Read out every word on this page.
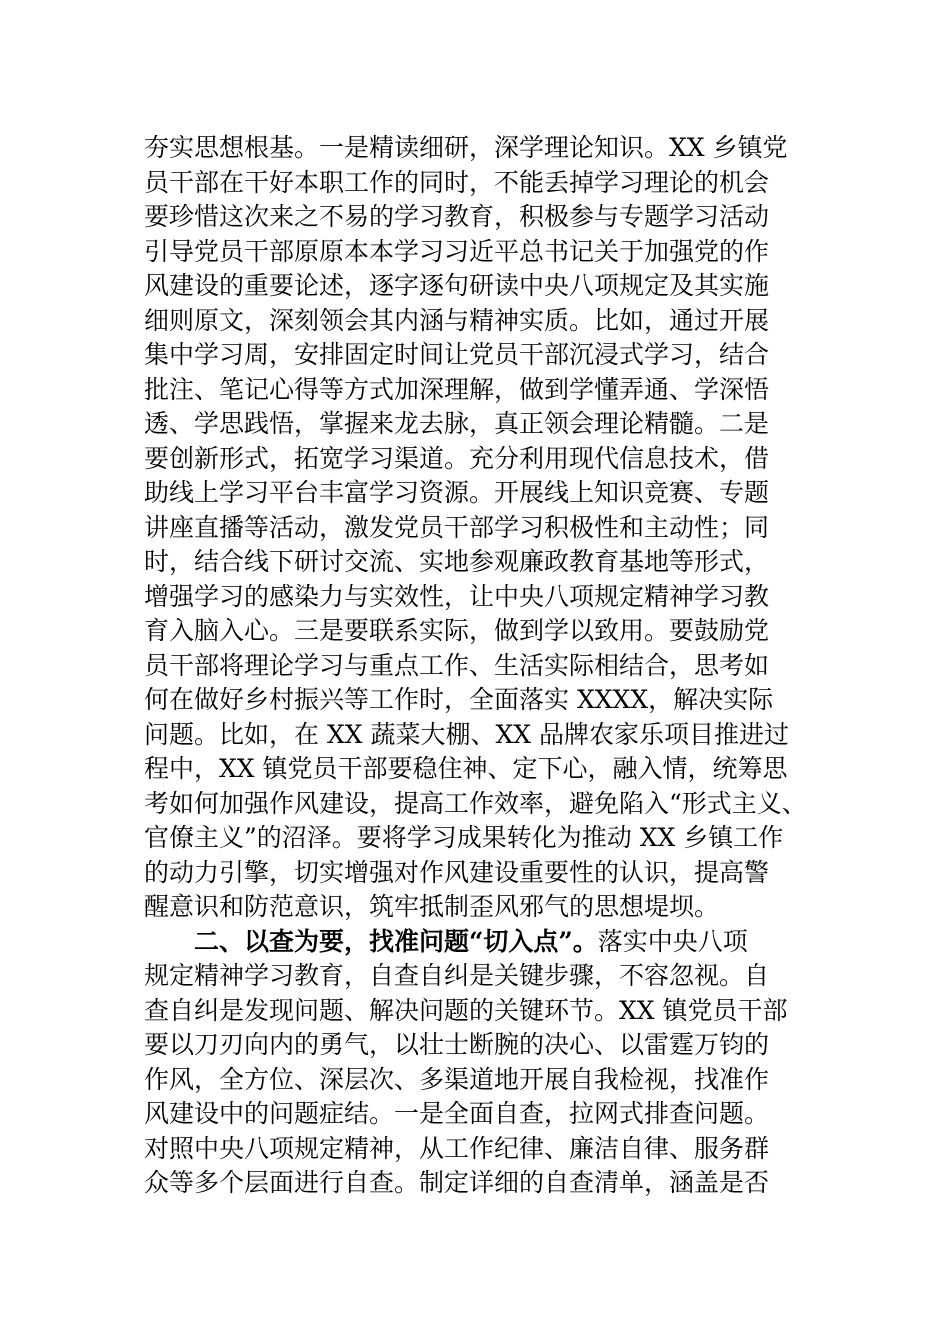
夯实思想根基。一是精读细研，深学理论知识。XX 乡镇党
员干部在干好本职工作的同时，不能丢掉学习理论的机会
要珍惜这次来之不易的学习教育，积极参与专题学习活动
引导党员干部原原本本学习习近平总书记关于加强党的作
风建设的重要论述，逐字逐句研读中央八项规定及其实施
细则原文，深刻领会其内涵与精神实质。比如，通过开展
集中学习周，安排固定时间让党员干部沉浸式学习，结合
批注、笔记心得等方式加深理解，做到学懂弄通、学深悟
透、学思践悟，掌握来龙去脉，真正领会理论精髓。二是
要创新形式，拓宽学习渠道。充分利用现代信息技术，借
助线上学习平台丰富学习资源。开展线上知识竞赛、专题
讲座直播等活动，激发党员干部学习积极性和主动性；同
时，结合线下研讨交流、实地参观廉政教育基地等形式，
增强学习的感染力与实效性，让中央八项规定精神学习教
育入脑入心。三是要联系实际，做到学以致用。要鼓励党
员干部将理论学习与重点工作、生活实际相结合，思考如
何在做好乡村振兴等工作时，全面落实 XXXX，解决实际
问题。比如，在 XX 蔬菜大棚、XX 品牌农家乐项目推进过
程中，XX 镇党员干部要稳住神、定下心，融入情，统筹思
考如何加强作风建设，提高工作效率，避免陷入“形式主义、
官僚主义”的沼泽。要将学习成果转化为推动 XX 乡镇工作
的动力引擎，切实增强对作风建设重要性的认识，提高警
醒意识和防范意识，筑牢抵制歪风邪气的思想堤坝。
二、以查为要，找准问题“切入点”。落实中央八项
规定精神学习教育，自查自纠是关键步骤，不容忽视。自
查自纠是发现问题、解决问题的关键环节。XX 镇党员干部
要以刀刃向内的勇气，以壮士断腕的决心、以雷霆万钧的
作风，全方位、深层次、多渠道地开展自我检视，找准作
风建设中的问题症结。一是全面自查，拉网式排查问题。
对照中央八项规定精神，从工作纪律、廉洁自律、服务群
众等多个层面进行自查。制定详细的自查清单，涵盖是否
